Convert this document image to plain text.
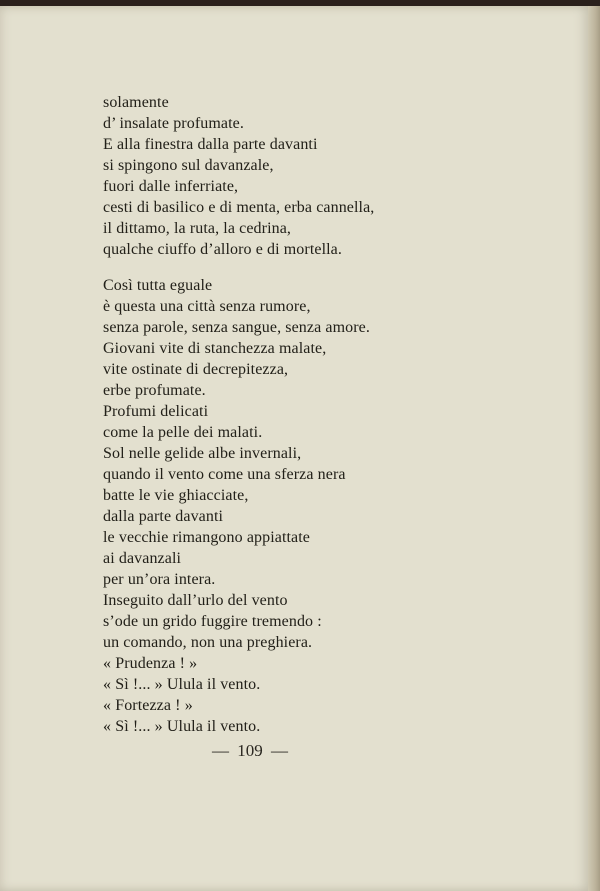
solamente
d’ insalate profumate.
E alla finestra dalla parte davanti
si spingono sul davanzale,
fuori dalle inferriate,
cesti di basilico e di menta, erba cannella,
il dittamo, la ruta, la cedrina,
qualche ciuffo d’alloro e di mortella.
Così tutta eguale
è questa una città senza rumore,
senza parole, senza sangue, senza amore.
Giovani vite di stanchezza malate,
vite ostinate di decrepitezza,
erbe profumate.
Profumi delicati
come la pelle dei malati.
Sol nelle gelide albe invernali,
quando il vento come una sferza nera
batte le vie ghiacciate,
dalla parte davanti
le vecchie rimangono appiattate
ai davanzali
per un’ora intera.
Inseguito dall’urlo del vento
s’ode un grido fuggire tremendo :
un comando, non una preghiera.
« Prudenza ! »
« Sì !... » Ulula il vento.
« Fortezza ! »
« Sì !... » Ulula il vento.
— 109 —
